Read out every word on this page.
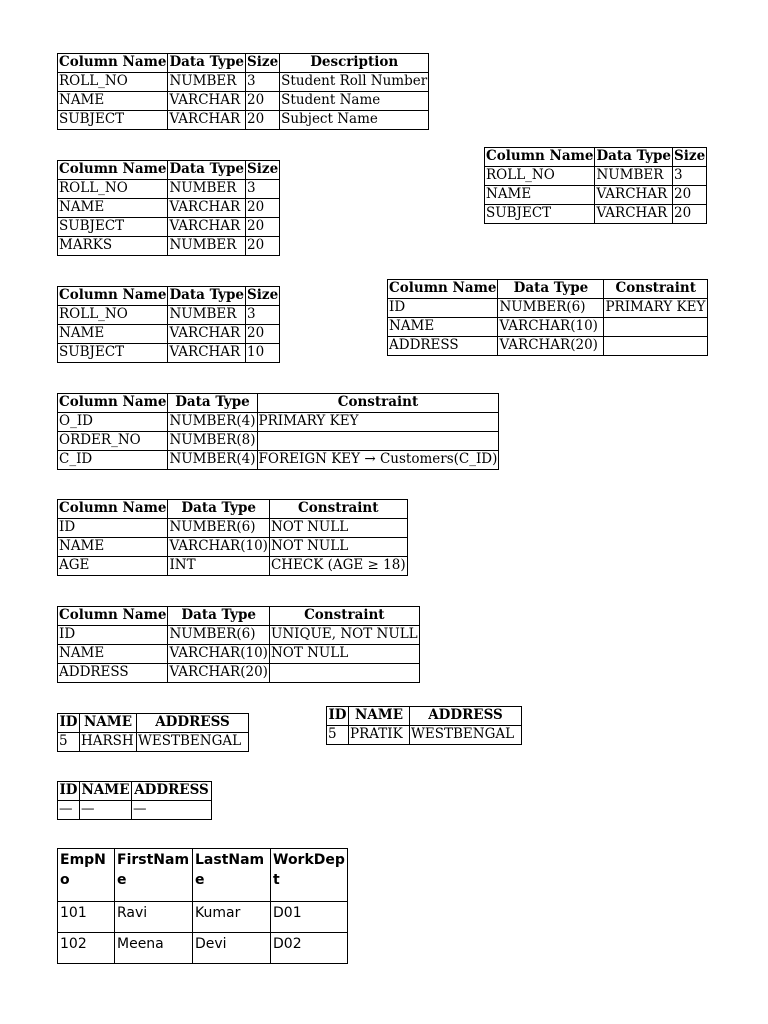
Column Name	Data Type	Size	Description
ROLL_NO	NUMBER	3	Student Roll Number
NAME	VARCHAR	20	Student Name
SUBJECT	VARCHAR	20	Subject Name
Column Name	Data Type	Size
ROLL_NO	NUMBER	3
NAME	VARCHAR	20
SUBJECT	VARCHAR	20
MARKS	NUMBER	20
Column Name	Data Type	Size
ROLL_NO	NUMBER	3
NAME	VARCHAR	20
SUBJECT	VARCHAR	20
Column Name	Data Type	Size
ROLL_NO	NUMBER	3
NAME	VARCHAR	20
SUBJECT	VARCHAR	10
Column Name	Data Type	Constraint
ID	NUMBER(6)	PRIMARY KEY
NAME	VARCHAR(10)	
ADDRESS	VARCHAR(20)	
Column Name	Data Type	Constraint
O_ID	NUMBER(4)	PRIMARY KEY
ORDER_NO	NUMBER(8)	
C_ID	NUMBER(4)	FOREIGN KEY → Customers(C_ID)
Column Name	Data Type	Constraint
ID	NUMBER(6)	NOT NULL
NAME	VARCHAR(10)	NOT NULL
AGE	INT	CHECK (AGE ≥ 18)
Column Name	Data Type	Constraint
ID	NUMBER(6)	UNIQUE, NOT NULL
NAME	VARCHAR(10)	NOT NULL
ADDRESS	VARCHAR(20)	
ID	NAME	ADDRESS
5	HARSH	WESTBENGAL
ID	NAME	ADDRESS
5	PRATIK	WESTBENGAL
ID	NAME	ADDRESS
—	—	—
EmpNo	FirstName	LastName	WorkDept
101	Ravi	Kumar	D01
102	Meena	Devi	D02
